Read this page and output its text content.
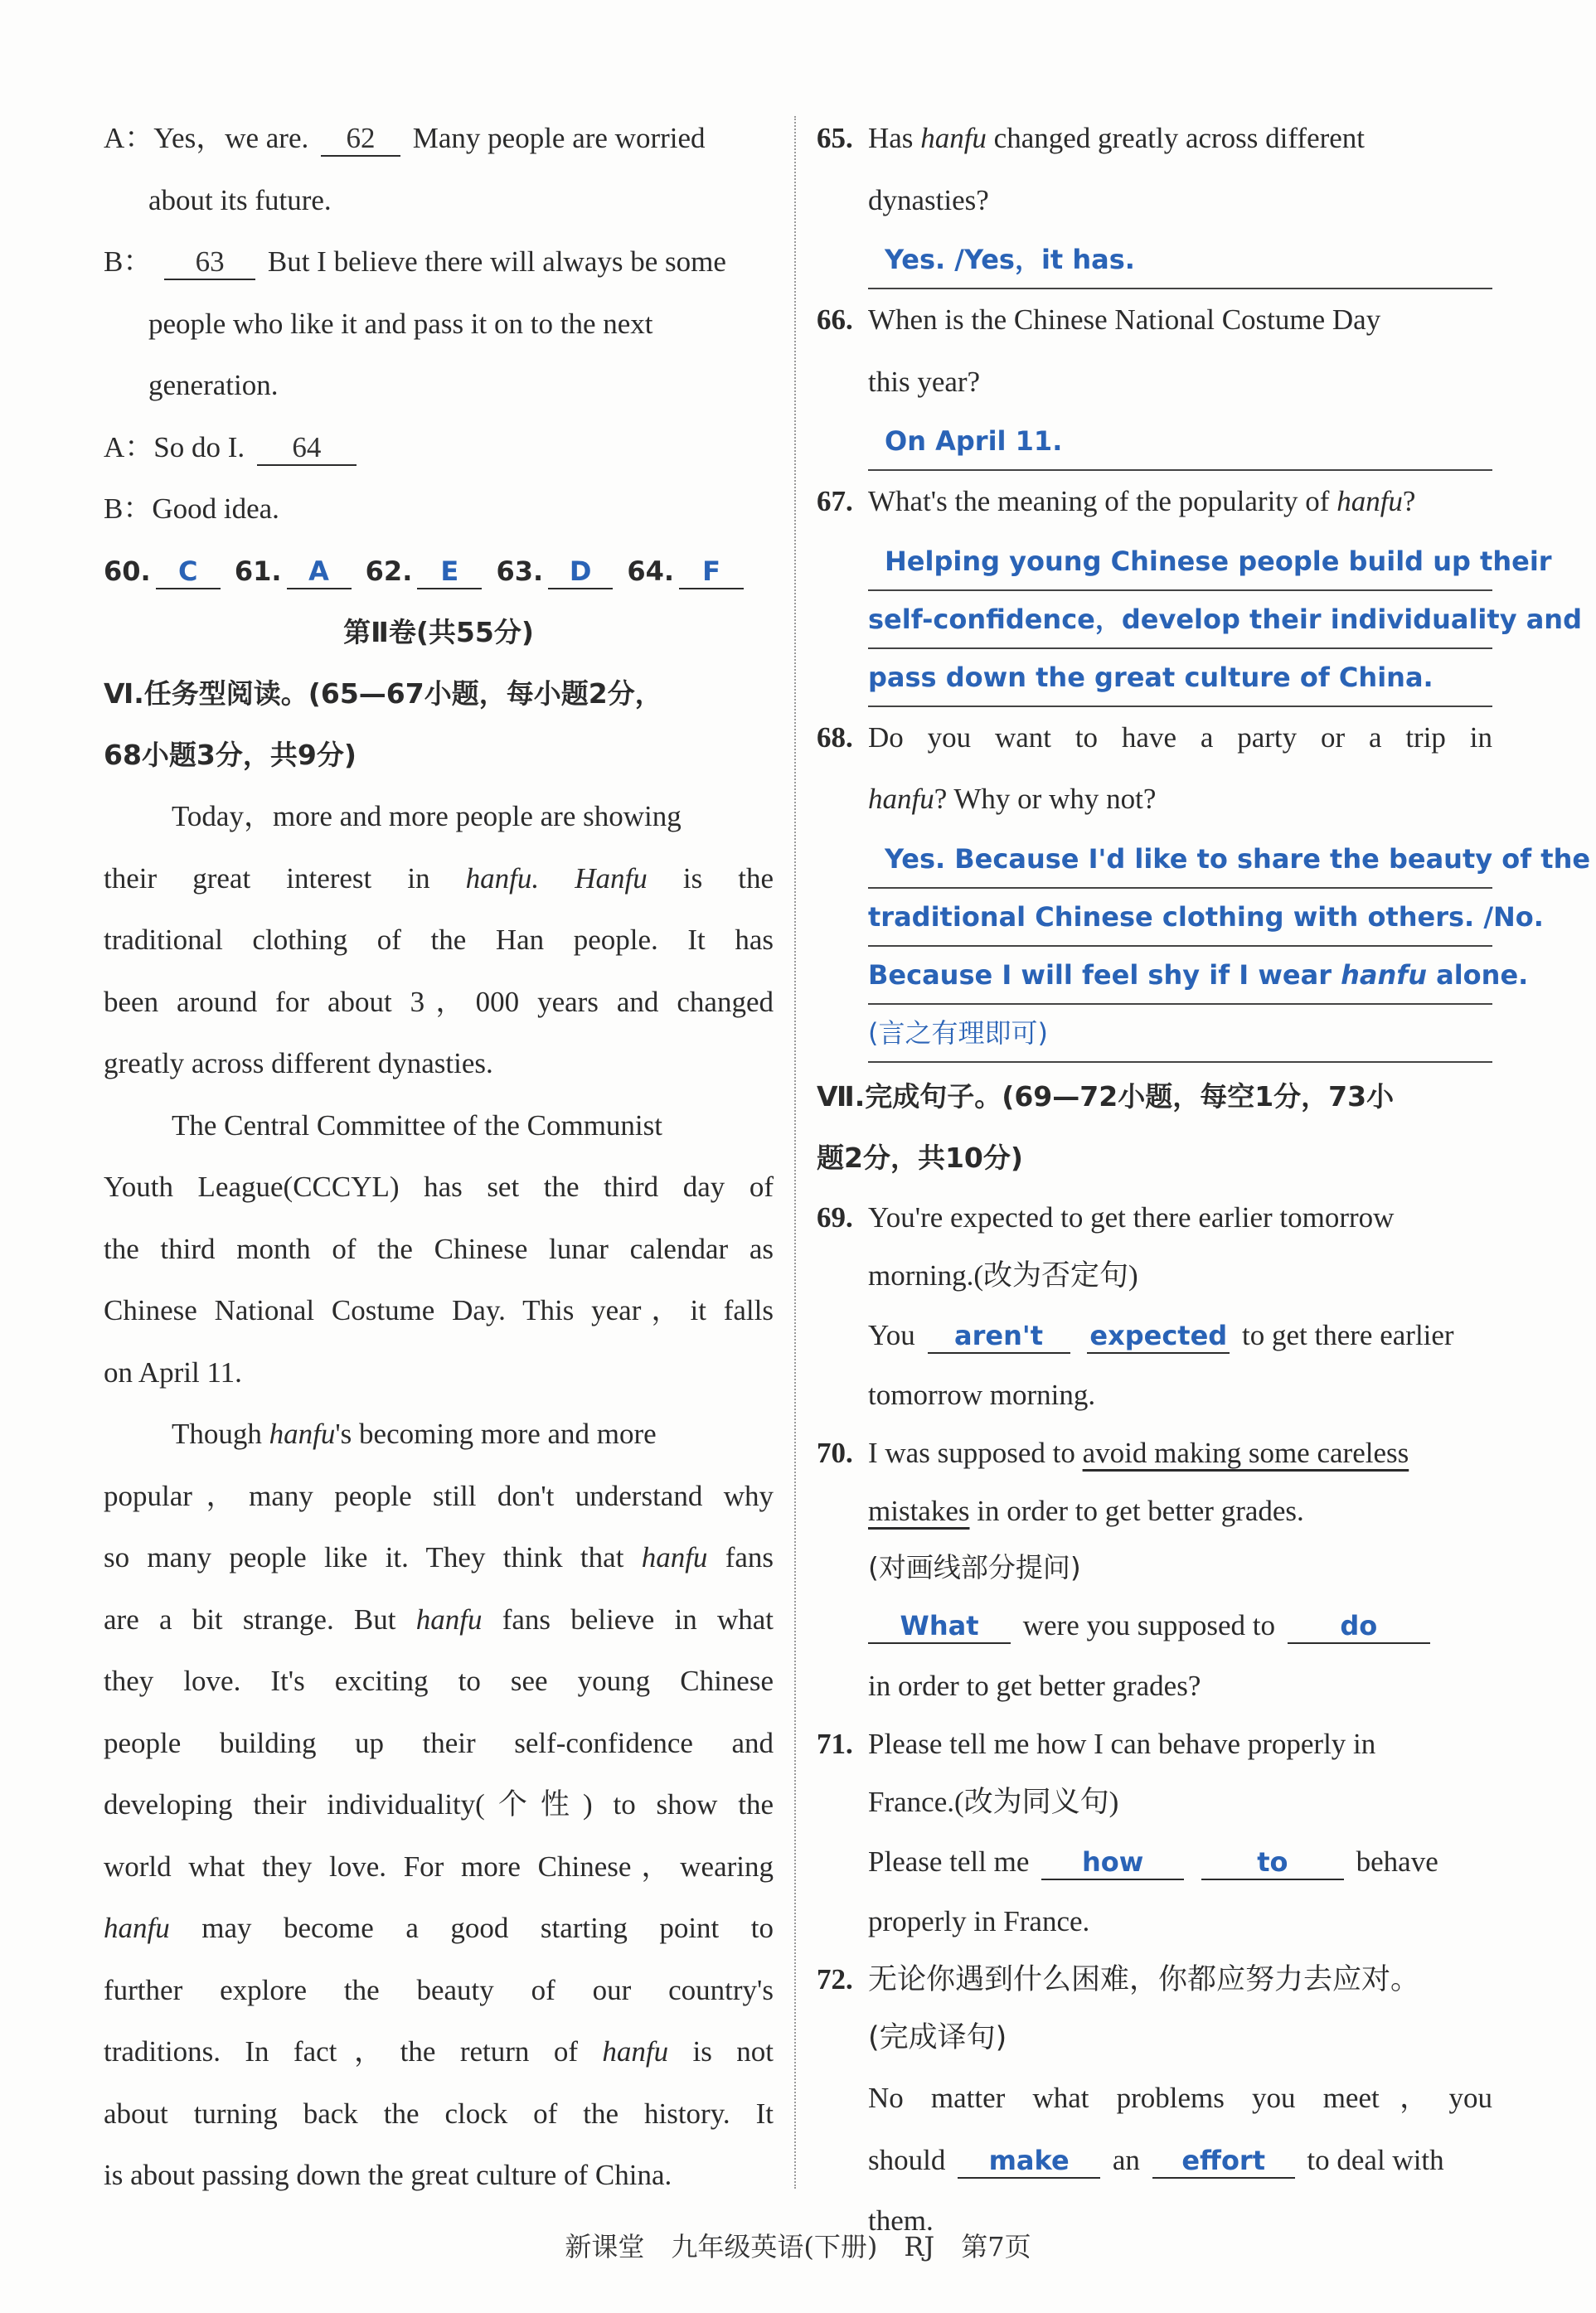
A：Yes，we are. 62 Many people are worried
about its future.
B： 63 But I believe there will always be some
people who like it and pass it on to the next
generation.
A：So do I. 64
B：Good idea.
60. C 61. A 62. E 63. D 64. F
第Ⅱ卷(共55分)
Ⅵ.任务型阅读。(65—67小题，每小题2分，
68小题3分，共9分)
Today，more and more people are showing
their great interest in hanfu. Hanfu is the
traditional clothing of the Han people. It has
been around for about 3，000 years and changed
greatly across different dynasties.
The Central Committee of the Communist
Youth League(CCCYL) has set the third day of
the third month of the Chinese lunar calendar as
Chinese National Costume Day. This year，it falls
on April 11.
Though hanfu's becoming more and more
popular，many people still don't understand why
so many people like it. They think that hanfu fans
are a bit strange. But hanfu fans believe in what
they love. It's exciting to see young Chinese
people building up their self-confidence and
developing their individuality(个性) to show the
world what they love. For more Chinese，wearing
hanfu may become a good starting point to
further explore the beauty of our country's
traditions. In fact，the return of hanfu is not
about turning back the clock of the history. It
is about passing down the great culture of China.
65. Has hanfu changed greatly across different
dynasties?
Yes. /Yes，it has.
66. When is the Chinese National Costume Day
this year?
On April 11.
67. What's the meaning of the popularity of hanfu?
Helping young Chinese people build up their
self-confidence，develop their individuality and
pass down the great culture of China.
68. Do you want to have a party or a trip in
hanfu? Why or why not?
Yes. Because I'd like to share the beauty of the
traditional Chinese clothing with others. /No.
Because I will feel shy if I wear hanfu alone.
(言之有理即可)
Ⅶ.完成句子。(69—72小题，每空1分，73小
题2分，共10分)
69. You're expected to get there earlier tomorrow
morning.(改为否定句)
You aren't expected to get there earlier
tomorrow morning.
70. I was supposed to avoid making some careless
mistakes in order to get better grades.
(对画线部分提问)
What were you supposed to do
in order to get better grades?
71. Please tell me how I can behave properly in
France.(改为同义句)
Please tell me how	to behave
properly in France.
72. 无论你遇到什么困难，你都应努力去应对。
(完成译句)
No matter what problems you meet，you
should make an effort to deal with
them.
新课堂　九年级英语(下册)　RJ　第7页
